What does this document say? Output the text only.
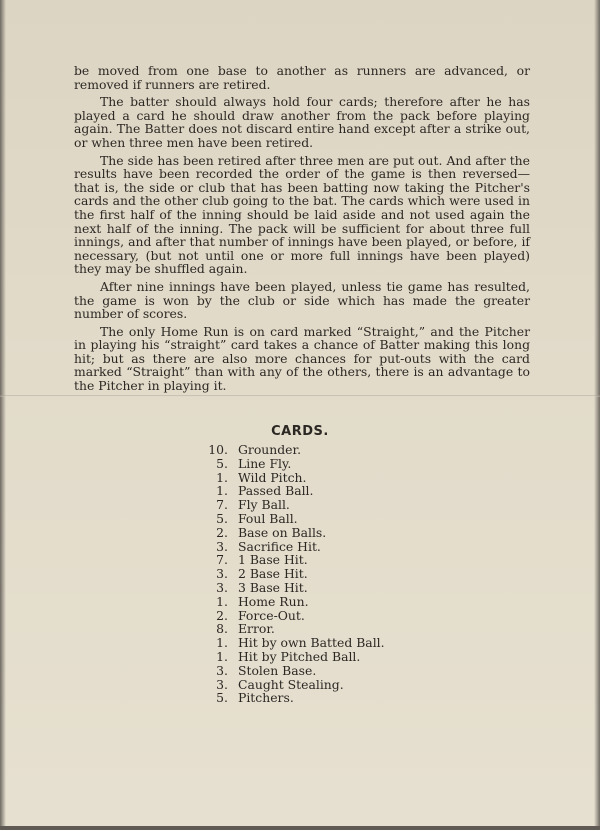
be moved from one base to another as runners are advanced, or removed if runners are retired.

The batter should always hold four cards; therefore after he has played a card he should draw another from the pack before playing again. The Batter does not discard entire hand except after a strike out, or when three men have been retired.

The side has been retired after three men are put out. And after the results have been recorded the order of the game is then reversed—that is, the side or club that has been batting now taking the Pitcher's cards and the other club going to the bat. The cards which were used in the first half of the inning should be laid aside and not used again the next half of the inning. The pack will be sufficient for about three full innings, and after that number of innings have been played, or before, if necessary, (but not until one or more full innings have been played) they may be shuffled again.

After nine innings have been played, unless tie game has resulted, the game is won by the club or side which has made the greater number of scores.

The only Home Run is on card marked “Straight,” and the Pitcher in playing his “straight” card takes a chance of Batter making this long hit; but as there are also more chances for put-outs with the card marked “Straight” than with any of the others, there is an advantage to the Pitcher in playing it.

CARDS.
10 . Grounder.
5 . Line Fly.
1 . Wild Pitch.
1 . Passed Ball.
7 . Fly Ball.
5 . Foul Ball.
2 . Base on Balls.
3 . Sacrifice Hit.
7 . 1 Base Hit.
3 . 2 Base Hit.
3 . 3 Base Hit.
1 . Home Run.
2 . Force-Out.
8 . Error.
1 . Hit by own Batted Ball.
1 . Hit by Pitched Ball.
3 . Stolen Base.
3 . Caught Stealing.
5 . Pitchers.
